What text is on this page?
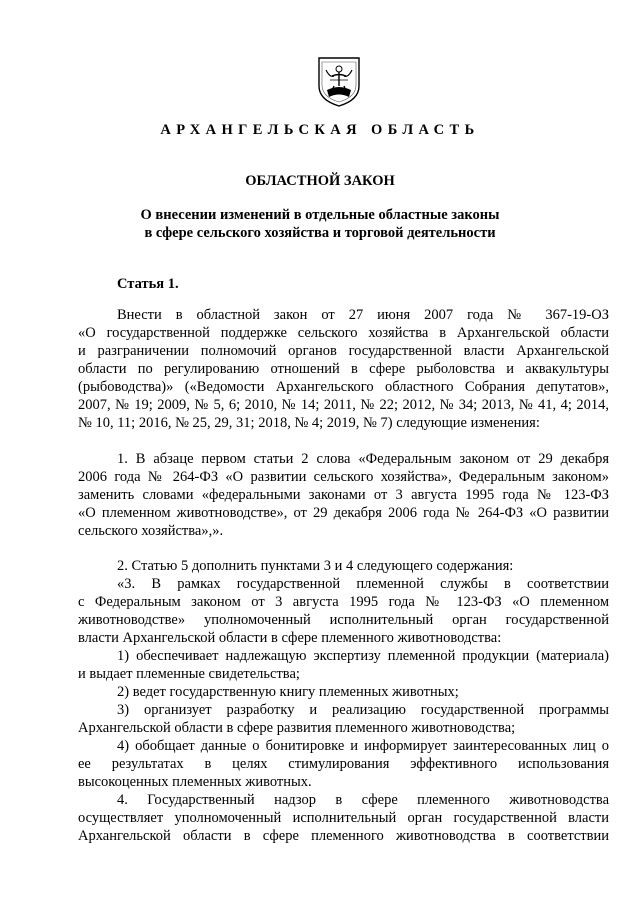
АРХАНГЕЛЬСКАЯ ОБЛАСТЬ
ОБЛАСТНОЙ ЗАКОН
О внесении изменений в отдельные областные законы
в сфере сельского хозяйства и торговой деятельности
Статья 1.
Внести в областной закон от 27 июня 2007 года № 367-19-ОЗ
«О государственной поддержке сельского хозяйства в Архангельской области
и разграничении полномочий органов государственной власти Архангельской
области по регулированию отношений в сфере рыболовства и аквакультуры
(рыбоводства)» («Ведомости Архангельского областного Собрания депутатов»,
2007, № 19; 2009, № 5, 6; 2010, № 14; 2011, № 22; 2012, № 34; 2013, № 41, 4; 2014,
№ 10, 11; 2016, № 25, 29, 31; 2018, № 4; 2019, № 7) следующие изменения:
1. В абзаце первом статьи 2 слова «Федеральным законом от 29 декабря
2006 года № 264-ФЗ «О развитии сельского хозяйства», Федеральным законом»
заменить словами «федеральными законами от 3 августа 1995 года № 123-ФЗ
«О племенном животноводстве», от 29 декабря 2006 года № 264-ФЗ «О развитии
сельского хозяйства»,».
2. Статью 5 дополнить пунктами 3 и 4 следующего содержания:
«3. В рамках государственной племенной службы в соответствии
с Федеральным законом от 3 августа 1995 года № 123-ФЗ «О племенном
животноводстве» уполномоченный исполнительный орган государственной
власти Архангельской области в сфере племенного животноводства:
1) обеспечивает надлежащую экспертизу племенной продукции (материала)
и выдает племенные свидетельства;
2) ведет государственную книгу племенных животных;
3) организует разработку и реализацию государственной программы
Архангельской области в сфере развития племенного животноводства;
4) обобщает данные о бонитировке и информирует заинтересованных лиц о
ее результатах в целях стимулирования эффективного использования
высокоценных племенных животных.
4. Государственный надзор в сфере племенного животноводства
осуществляет уполномоченный исполнительный орган государственной власти
Архангельской области в сфере племенного животноводства в соответствии
